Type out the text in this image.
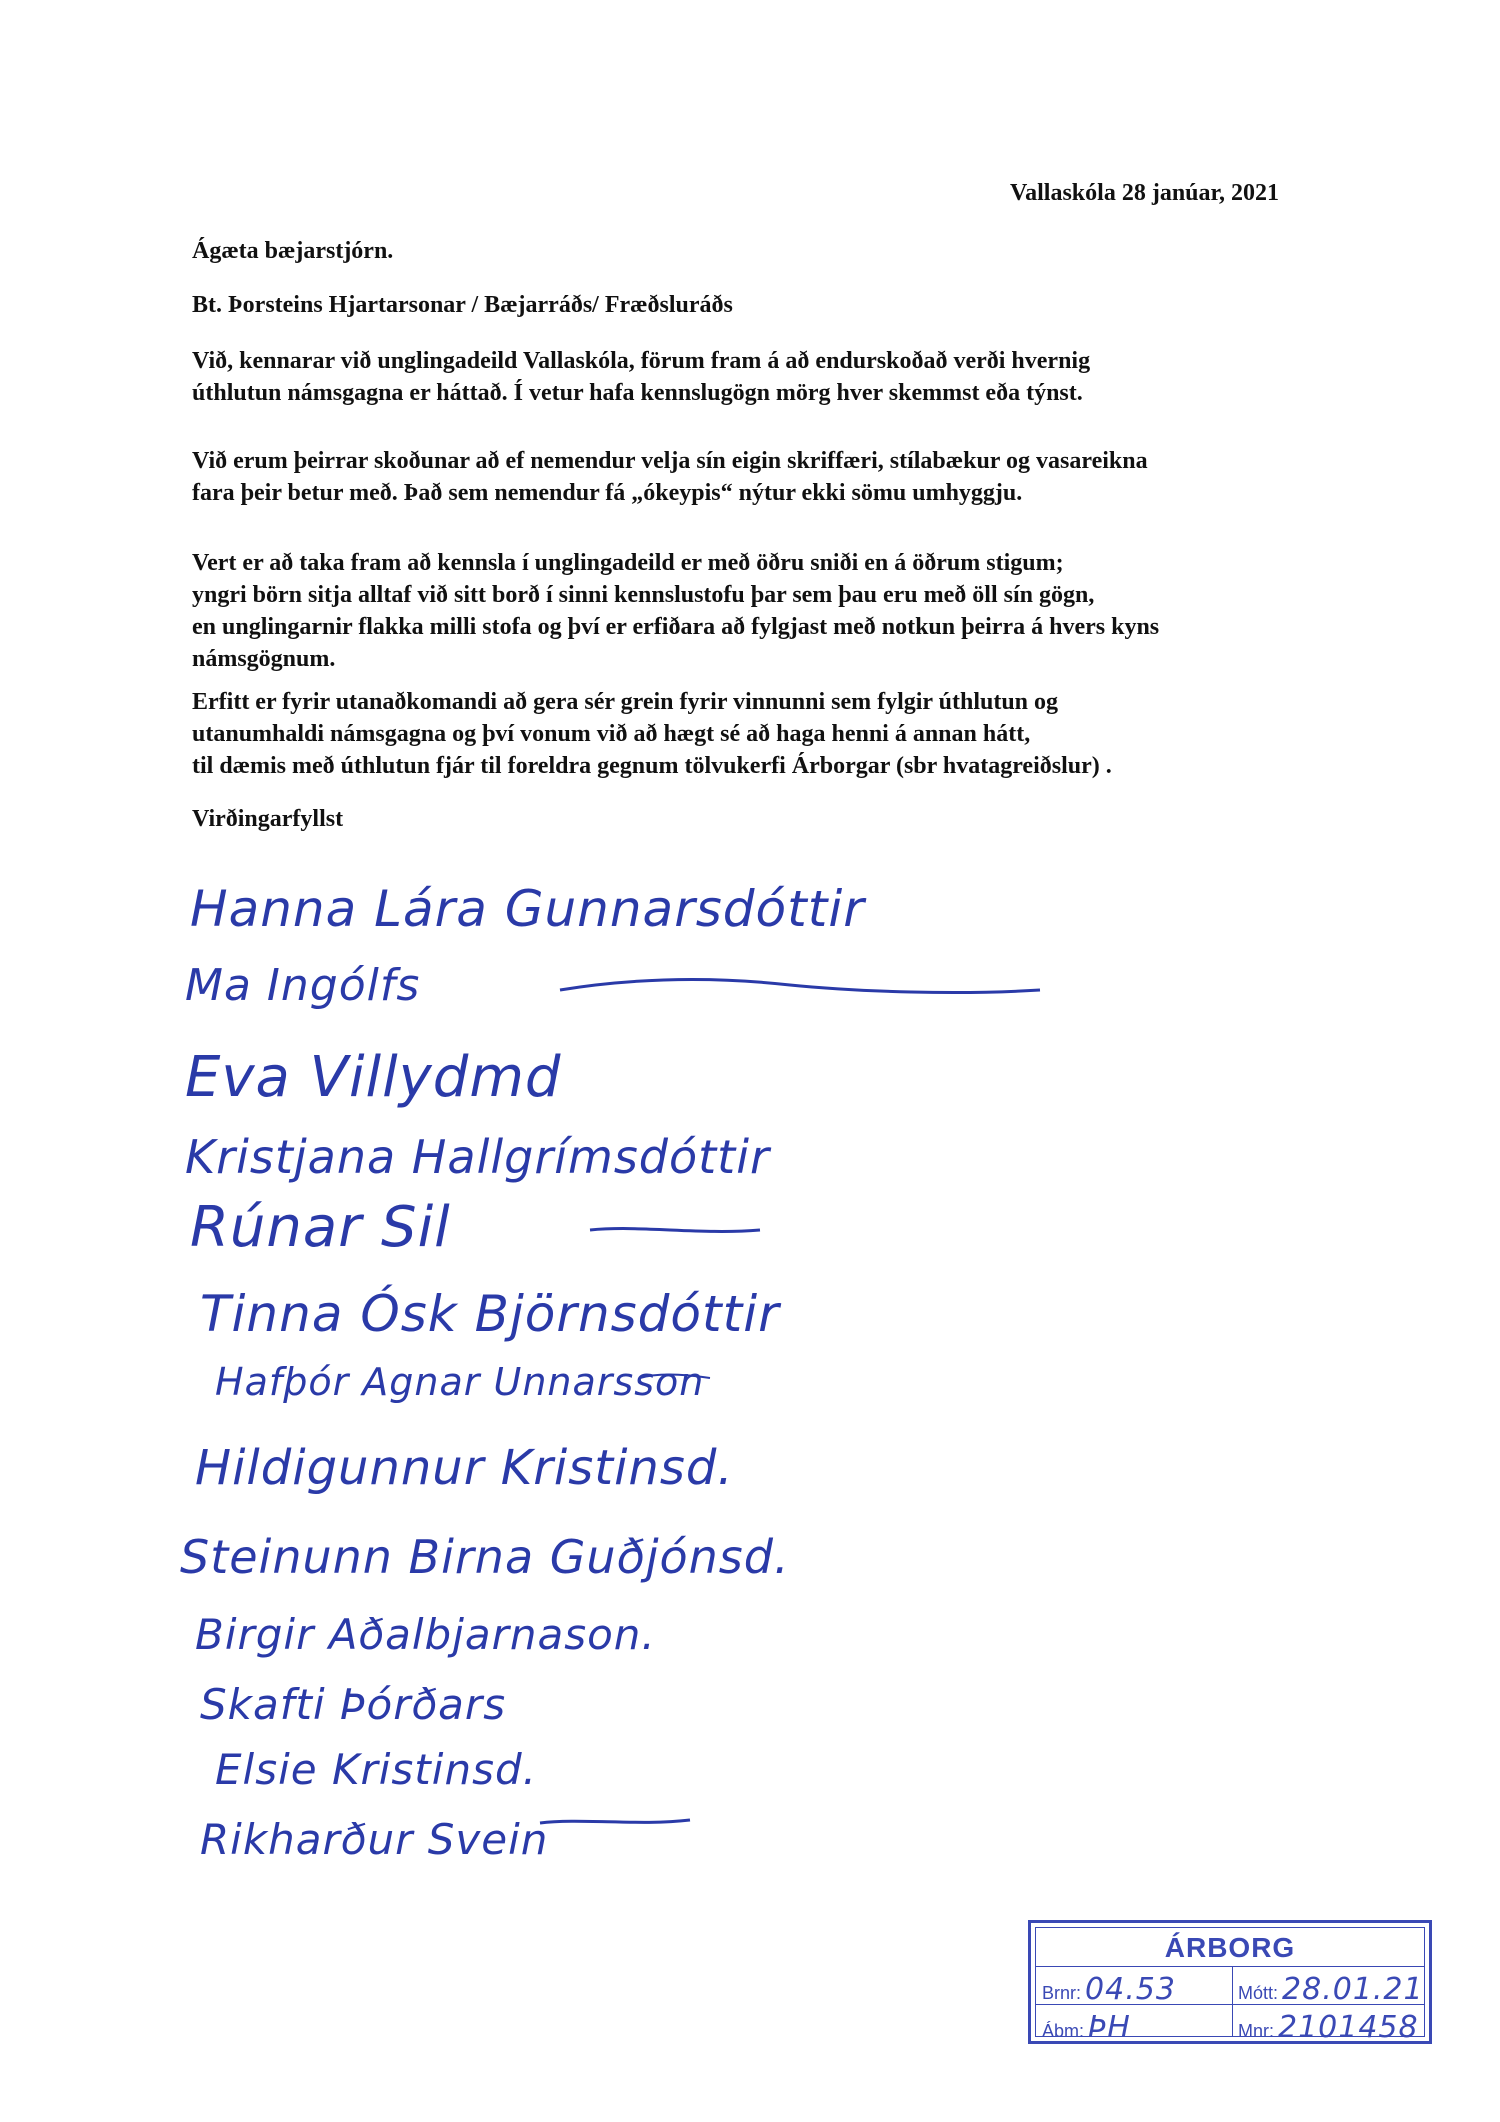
Vallaskóla 28 janúar, 2021
Ágæta bæjarstjórn.
Bt. Þorsteins Hjartarsonar / Bæjarráðs/ Fræðsluráðs
Við, kennarar við unglingadeild Vallaskóla, förum fram á að endurskoðað verði hvernig
úthlutun námsgagna er háttað. Í vetur hafa kennslugögn mörg hver skemmst eða týnst.
Við erum þeirrar skoðunar að ef nemendur velja sín eigin skriffæri, stílabækur og vasareikna
fara þeir betur með. Það sem nemendur fá „ókeypis“ nýtur ekki sömu umhyggju.
Vert er að taka fram að kennsla í unglingadeild er með öðru sniði en á öðrum stigum;
yngri börn sitja alltaf við sitt borð í sinni kennslustofu þar sem þau eru með öll sín gögn,
en unglingarnir flakka milli stofa og því er erfiðara að fylgjast með notkun þeirra á hvers kyns
námsgögnum.
Erfitt er fyrir utanaðkomandi að gera sér grein fyrir vinnunni sem fylgir úthlutun og
utanumhaldi námsgagna og því vonum við að hægt sé að haga henni á annan hátt,
til dæmis með úthlutun fjár til foreldra gegnum tölvukerfi Árborgar (sbr hvatagreiðslur) .
Virðingarfyllst
Hanna Lára Gunnarsdóttir
Ma Ingólfs
Eva Villydmd
Kristjana Hallgrímsdóttir
Rúnar Sil
Tinna Ósk Björnsdóttir
Hafþór Agnar Unnarsson
Hildigunnur Kristinsd.
Steinunn Birna Guðjónsd.
Birgir Aðalbjarnason.
Skafti Þórðars
Elsie Kristinsd.
Rikharður Svein
ÁRBORG
Brnr: 04.53	Mótt: 28.01.21
Ábm: ÞH	Mnr: 2101458
